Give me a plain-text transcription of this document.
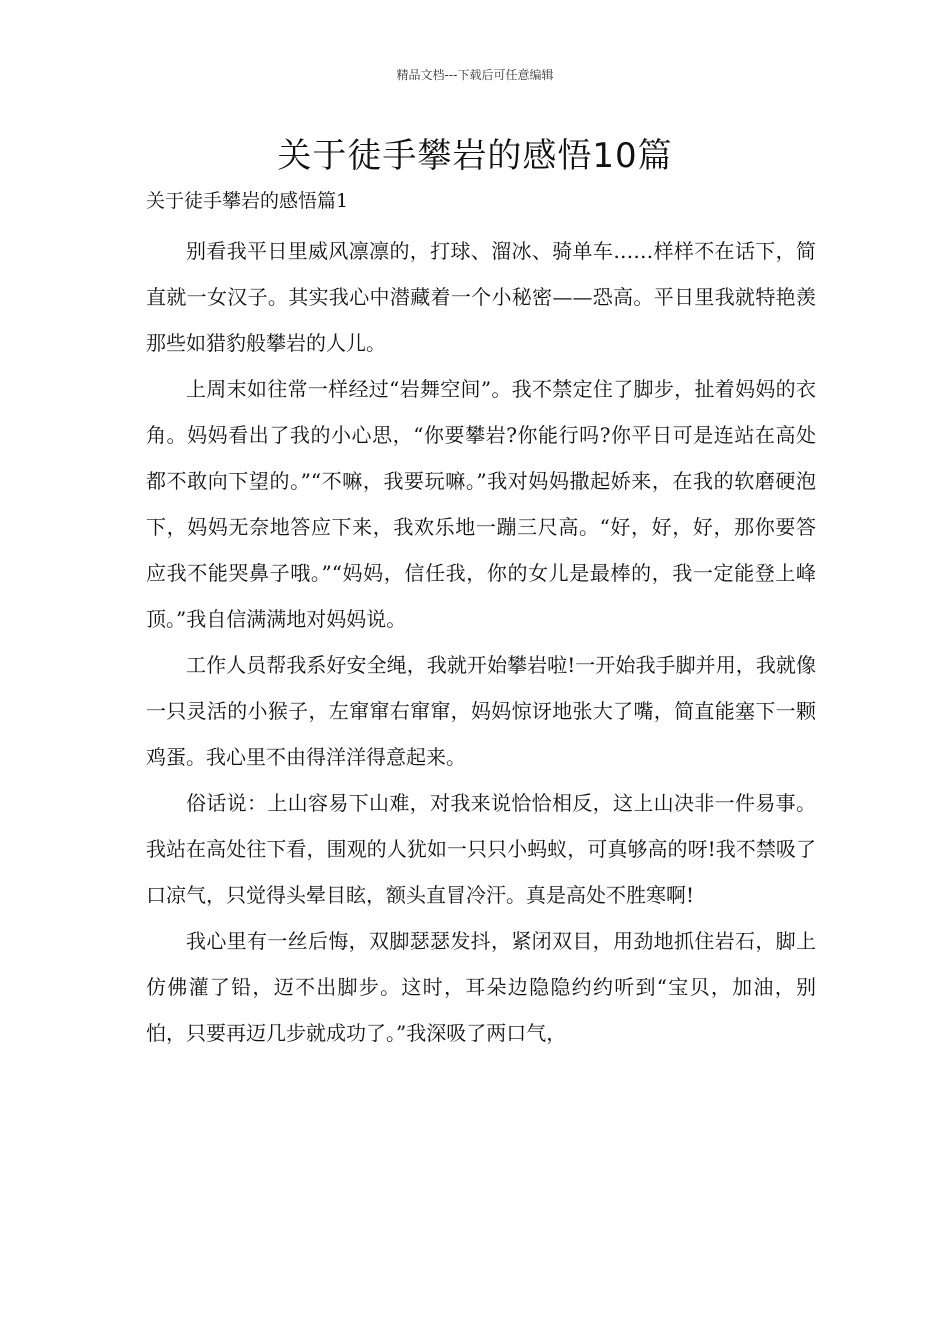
精品文档---下载后可任意编辑
关于徒手攀岩的感悟10篇
关于徒手攀岩的感悟篇1

别看我平日里威风凛凛的，打球、溜冰、骑单车……样样不在话下，简直就一女汉子。其实我心中潜藏着一个小秘密——恐高。平日里我就特艳羡那些如猎豹般攀岩的人儿。

上周末如往常一样经过“岩舞空间”。我不禁定住了脚步，扯着妈妈的衣角。妈妈看出了我的小心思，“你要攀岩?你能行吗?你平日可是连站在高处都不敢向下望的。”“不嘛，我要玩嘛。”我对妈妈撒起娇来，在我的软磨硬泡下，妈妈无奈地答应下来，我欢乐地一蹦三尺高。“好，好，好，那你要答应我不能哭鼻子哦。”“妈妈，信任我，你的女儿是最棒的，我一定能登上峰顶。”我自信满满地对妈妈说。

工作人员帮我系好安全绳，我就开始攀岩啦!一开始我手脚并用，我就像一只灵活的小猴子，左窜窜右窜窜，妈妈惊讶地张大了嘴，简直能塞下一颗鸡蛋。我心里不由得洋洋得意起来。

俗话说：上山容易下山难，对我来说恰恰相反，这上山决非一件易事。我站在高处往下看，围观的人犹如一只只小蚂蚁，可真够高的呀!我不禁吸了口凉气，只觉得头晕目眩，额头直冒冷汗。真是高处不胜寒啊!

我心里有一丝后悔，双脚瑟瑟发抖，紧闭双目，用劲地抓住岩石，脚上仿佛灌了铅，迈不出脚步。这时，耳朵边隐隐约约听到“宝贝，加油，别怕，只要再迈几步就成功了。”我深吸了两口气，
